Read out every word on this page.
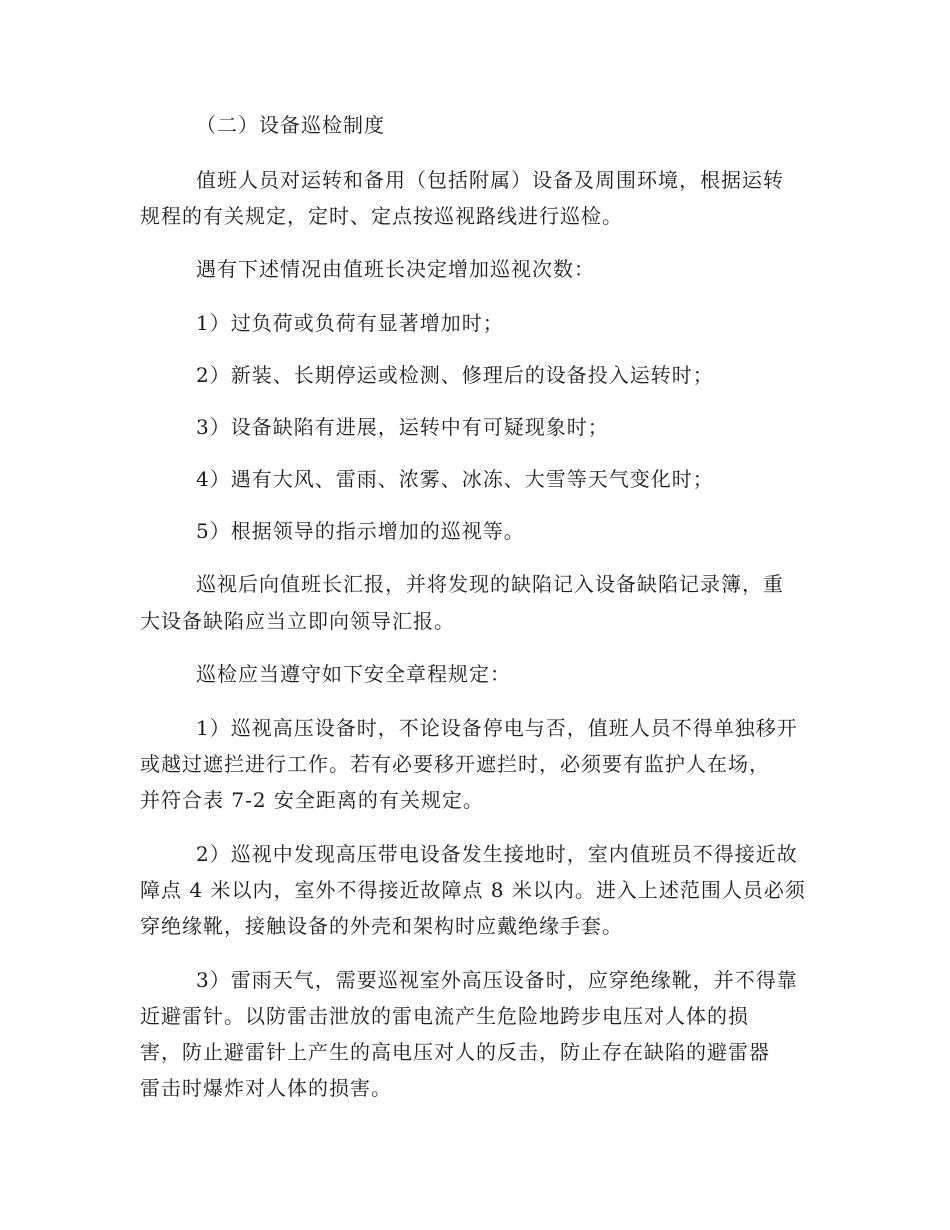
（二）设备巡检制度
值班人员对运转和备用（包括附属）设备及周围环境，根据运转
规程的有关规定，定时、定点按巡视路线进行巡检。
遇有下述情况由值班长决定增加巡视次数：
1）过负荷或负荷有显著增加时；
2）新装、长期停运或检测、修理后的设备投入运转时；
3）设备缺陷有进展，运转中有可疑现象时；
4）遇有大风、雷雨、浓雾、冰冻、大雪等天气变化时；
5）根据领导的指示增加的巡视等。
巡视后向值班长汇报，并将发现的缺陷记入设备缺陷记录簿，重
大设备缺陷应当立即向领导汇报。
巡检应当遵守如下安全章程规定：
1）巡视高压设备时，不论设备停电与否，值班人员不得单独移开
或越过遮拦进行工作。若有必要移开遮拦时，必须要有监护人在场，
并符合表 7-2 安全距离的有关规定。
2）巡视中发现高压带电设备发生接地时，室内值班员不得接近故
障点 4 米以内，室外不得接近故障点 8 米以内。进入上述范围人员必须
穿绝缘靴，接触设备的外壳和架构时应戴绝缘手套。
3）雷雨天气，需要巡视室外高压设备时，应穿绝缘靴，并不得靠
近避雷针。以防雷击泄放的雷电流产生危险地跨步电压对人体的损
害，防止避雷针上产生的高电压对人的反击，防止存在缺陷的避雷器
雷击时爆炸对人体的损害。
